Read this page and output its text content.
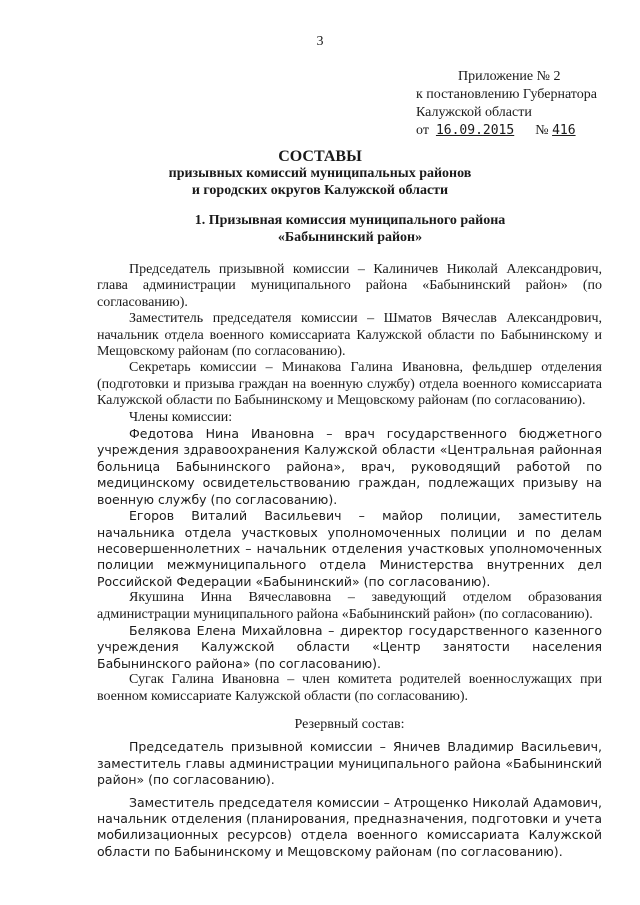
3
Приложение № 2
к постановлению Губернатора
Калужской области
от 16.09.2015 № 416
СОСТАВЫ
призывных комиссий муниципальных районов
и городских округов Калужской области
1. Призывная комиссия муниципального района
«Бабынинский район»

Председатель призывной комиссии – Калиничев Николай Александрович, глава администрации муниципального района «Бабынинский район» (по согласованию).

Заместитель председателя комиссии – Шматов Вячеслав Александрович, начальник отдела военного комиссариата Калужской области по Бабынинскому и Мещовскому районам (по согласованию).

Секретарь комиссии – Минакова Галина Ивановна, фельдшер отделения (подготовки и призыва граждан на военную службу) отдела военного комиссариата Калужской области по Бабынинскому и Мещовскому районам (по согласованию).

Члены комиссии:

Федотова Нина Ивановна – врач государственного бюджетного учреждения здравоохранения Калужской области «Центральная районная больница Бабынинского района», врач, руководящий работой по медицинскому освидетельствованию граждан, подлежащих призыву на военную службу (по согласованию).

Егоров Виталий Васильевич – майор полиции, заместитель начальника отдела участковых уполномоченных полиции и по делам несовершеннолетних – начальник отделения участковых уполномоченных полиции межмуниципального отдела Министерства внутренних дел Российской Федерации «Бабынинский» (по согласованию).

Якушина Инна Вячеславовна – заведующий отделом образования администрации муниципального района «Бабынинский район» (по согласованию).

Белякова Елена Михайловна – директор государственного казенного учреждения Калужской области «Центр занятости населения Бабынинского района» (по согласованию).

Сугак Галина Ивановна – член комитета родителей военнослужащих при военном комиссариате Калужской области (по согласованию).

Резервный состав:

Председатель призывной комиссии – Яничев Владимир Васильевич, заместитель главы администрации муниципального района «Бабынинский район» (по согласованию).

Заместитель председателя комиссии – Атрощенко Николай Адамович, начальник отделения (планирования, предназначения, подготовки и учета мобилизационных ресурсов) отдела военного комиссариата Калужской области по Бабынинскому и Мещовскому районам (по согласованию).
